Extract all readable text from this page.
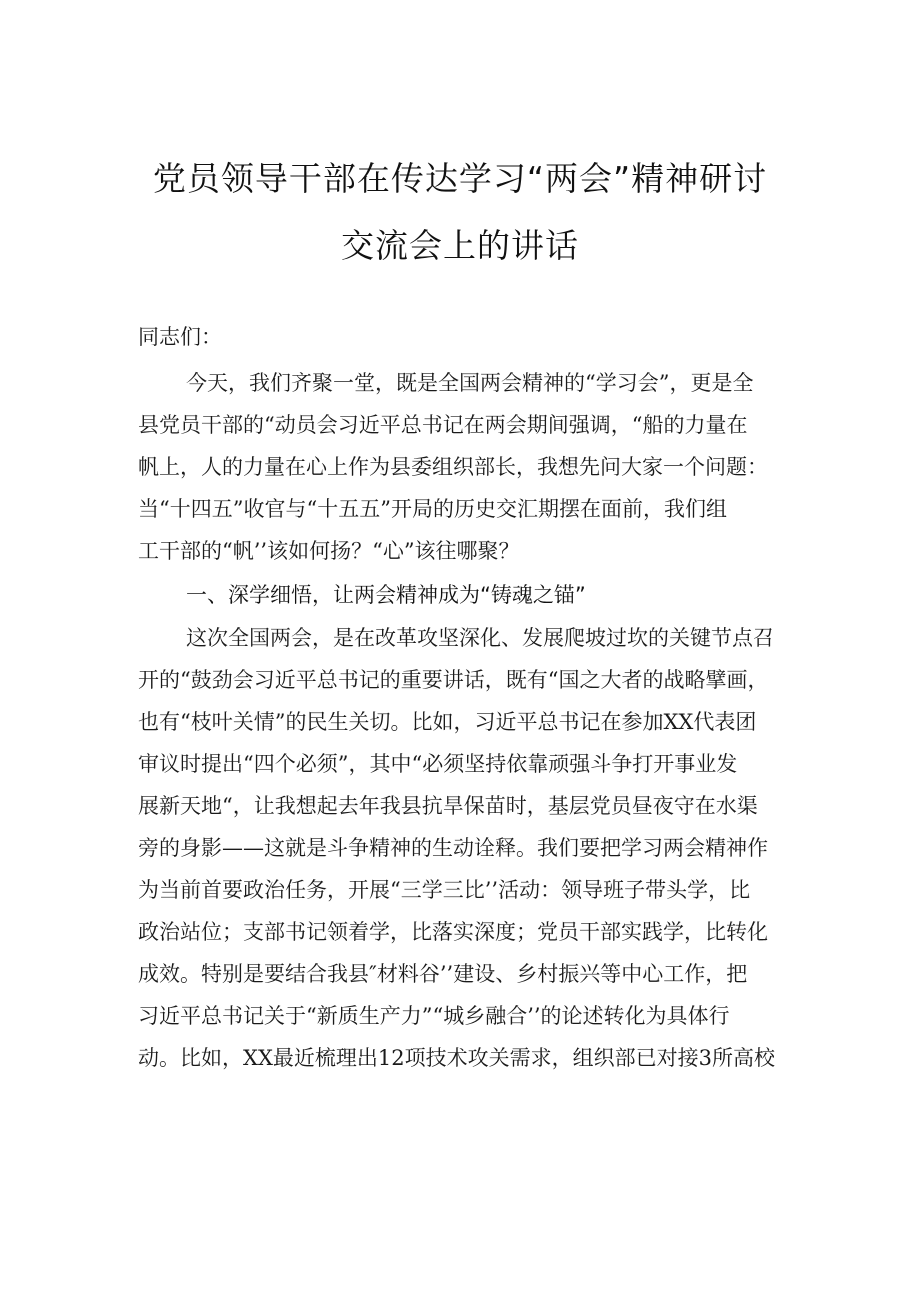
党员领导干部在传达学习“两会”精神研讨
交流会上的讲话
同志们：
今天，我们齐聚一堂，既是全国两会精神的“学习会”，更是全
县党员干部的“动员会习近平总书记在两会期间强调，“船的力量在
帆上，人的力量在心上作为县委组织部长，我想先问大家一个问题：
当“十四五”收官与“十五五”开局的历史交汇期摆在面前，我们组
工干部的“帆’’该如何扬？“心”该往哪聚？
一、深学细悟，让两会精神成为“铸魂之锚”
这次全国两会，是在改革攻坚深化、发展爬坡过坎的关键节点召
开的“鼓劲会习近平总书记的重要讲话，既有“国之大者的战略擘画，
也有“枝叶关情”的民生关切。比如，习近平总书记在参加XX代表团
审议时提出“四个必须”，其中“必须坚持依靠顽强斗争打开事业发
展新天地“，让我想起去年我县抗旱保苗时，基层党员昼夜守在水渠
旁的身影——这就是斗争精神的生动诠释。我们要把学习两会精神作
为当前首要政治任务，开展“三学三比’’活动：领导班子带头学，比
政治站位；支部书记领着学，比落实深度；党员干部实践学，比转化
成效。特别是要结合我县″材料谷’’建设、乡村振兴等中心工作，把
习近平总书记关于“新质生产力”“城乡融合’’的论述转化为具体行
动。比如，XX最近梳理出12项技术攻关需求，组织部已对接3所高校
